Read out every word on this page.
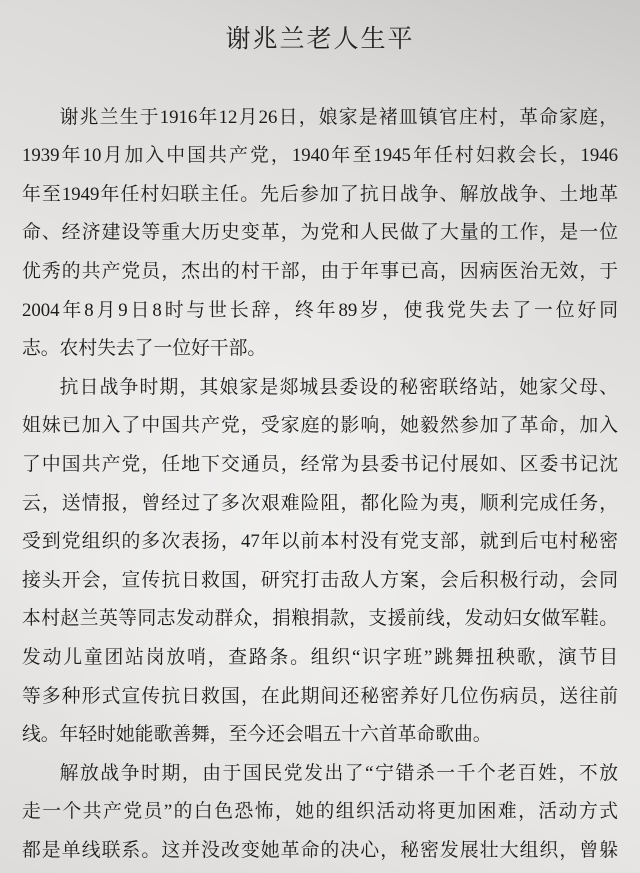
谢兆兰老人生平
谢兆兰生于1916年12月26日，娘家是褚皿镇官庄村，革命家庭，
1939年10月加入中国共产党，1940年至1945年任村妇救会长，1946
年至1949年任村妇联主任。先后参加了抗日战争、解放战争、土地革
命、经济建设等重大历史变革，为党和人民做了大量的工作，是一位
优秀的共产党员，杰出的村干部，由于年事已高，因病医治无效，于
2004年8月9日8时与世长辞，终年89岁，使我党失去了一位好同
志。农村失去了一位好干部。
抗日战争时期，其娘家是郯城县委设的秘密联络站，她家父母、
姐妹已加入了中国共产党，受家庭的影响，她毅然参加了革命，加入
了中国共产党，任地下交通员，经常为县委书记付展如、区委书记沈
云，送情报，曾经过了多次艰难险阻，都化险为夷，顺利完成任务，
受到党组织的多次表扬，47年以前本村没有党支部，就到后屯村秘密
接头开会，宣传抗日救国，研究打击敌人方案，会后积极行动，会同
本村赵兰英等同志发动群众，捐粮捐款，支援前线，发动妇女做军鞋。
发动儿童团站岗放哨，查路条。组织“识字班”跳舞扭秧歌，演节目
等多种形式宣传抗日救国，在此期间还秘密养好几位伤病员，送往前
线。年轻时她能歌善舞，至今还会唱五十六首革命歌曲。
解放战争时期，由于国民党发出了“宁错杀一千个老百姓，不放
走一个共产党员”的白色恐怖，她的组织活动将更加困难，活动方式
都是单线联系。这并没改变她革命的决心，秘密发展壮大组织，曾躲
